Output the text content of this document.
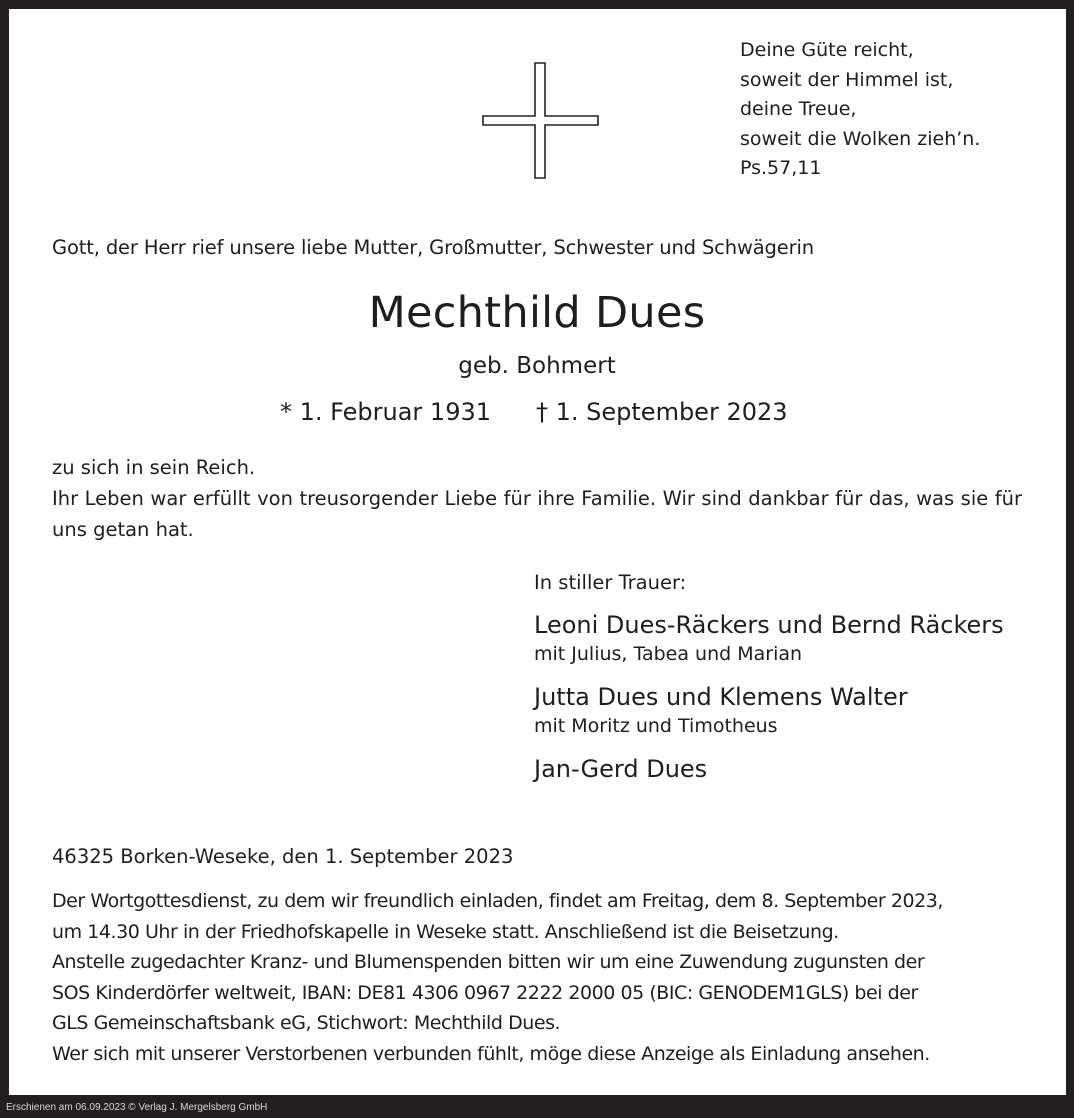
Deine Güte reicht,
soweit der Himmel ist,
deine Treue,
soweit die Wolken zieh’n.
Ps.57,11
Gott, der Herr rief unsere liebe Mutter, Großmutter, Schwester und Schwägerin
Mechthild Dues
geb. Bohmert
* 1. Februar 1931 † 1. September 2023
zu sich in sein Reich.
Ihr Leben war erfüllt von treusorgender Liebe für ihre Familie. Wir sind dankbar für das, was sie für uns getan hat.
In stiller Trauer:
Leoni Dues-Räckers und Bernd Räckers
mit Julius, Tabea und Marian
Jutta Dues und Klemens Walter
mit Moritz und Timotheus
Jan-Gerd Dues
46325 Borken-Weseke, den 1. September 2023
Der Wortgottesdienst, zu dem wir freundlich einladen, findet am Freitag, dem 8. September 2023,
um 14.30 Uhr in der Friedhofskapelle in Weseke statt. Anschließend ist die Beisetzung.
Anstelle zugedachter Kranz- und Blumenspenden bitten wir um eine Zuwendung zugunsten der
SOS Kinderdörfer weltweit, IBAN: DE81 4306 0967 2222 2000 05 (BIC: GENODEM1GLS) bei der
GLS Gemeinschaftsbank eG, Stichwort: Mechthild Dues.
Wer sich mit unserer Verstorbenen verbunden fühlt, möge diese Anzeige als Einladung ansehen.
Erschienen am 06.09.2023 © Verlag J. Mergelsberg GmbH
